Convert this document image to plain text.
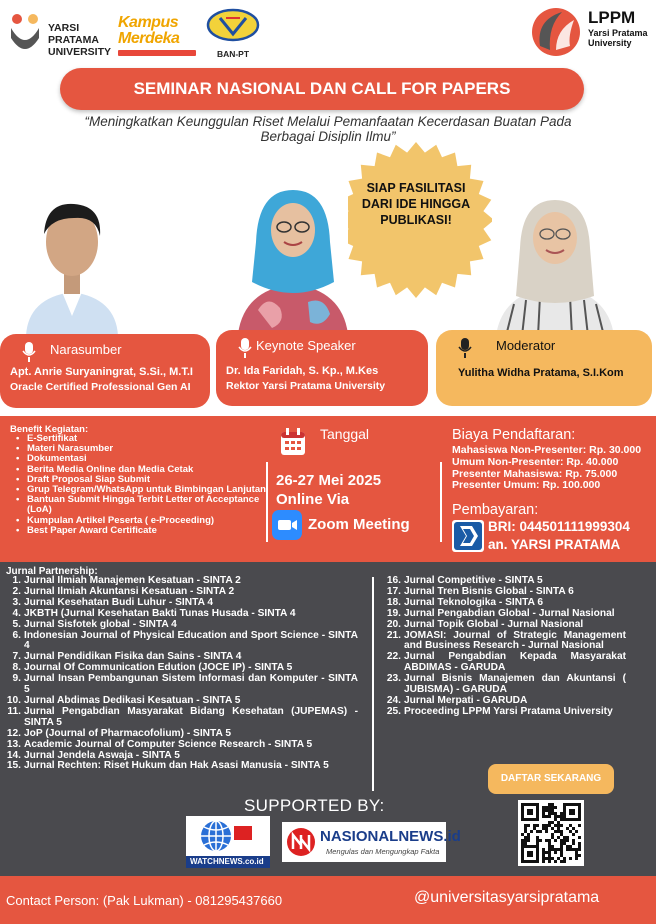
YARSI
PRATAMA
UNIVERSITY
Kampus
Merdeka
BAN-PT
LPPM
Yarsi Pratama
University
SEMINAR NASIONAL DAN CALL FOR PAPERS
“Meningkatkan Keunggulan Riset Melalui Pemanfaatan Kecerdasan Buatan Pada Berbagai Disiplin Ilmu”
SIAP FASILITASI DARI IDE HINGGA PUBLIKASI!
Narasumber
Apt. Anrie Suryaningrat, S.Si., M.T.I
Oracle Certified Professional Gen AI
Keynote Speaker
Dr. Ida Faridah, S. Kp., M.Kes
Rektor Yarsi Pratama University
Moderator
Yulitha Widha Pratama, S.I.Kom
Benefit Kegiatan:
• E-Sertifikat
• Materi Narasumber
• Dokumentasi
• Berita Media Online dan Media Cetak
• Draft Proposal Siap Submit
• Grup Telegram/WhatsApp untuk Bimbingan Lanjutan
• Bantuan Submit Hingga Terbit Letter of Acceptance (LoA)
• Kumpulan Artikel Peserta ( e-Proceeding)
• Best Paper Award Certificate
Tanggal
26-27 Mei 2025
Online Via
Zoom Meeting
Biaya Pendaftaran:
Mahasiswa Non-Presenter: Rp. 30.000
Umum Non-Presenter: Rp. 40.000
Presenter Mahasiswa: Rp. 75.000
Presenter Umum: Rp. 100.000
Pembayaran:
BRI: 044501111999304
an. YARSI PRATAMA
Jurnal Partnership:
1. Jurnal Ilmiah Manajemen Kesatuan - SINTA 2
2. Jurnal Ilmiah Akuntansi Kesatuan - SINTA 2
3. Jurnal Kesehatan Budi Luhur - SINTA 4
4. JKBTH (Jurnal Kesehatan Bakti Tunas Husada - SINTA 4
5. Jurnal Sisfotek global - SINTA 4
6. Indonesian Journal of Physical Education and Sport Science - SINTA 4
7. Jurnal Pendidikan Fisika dan Sains - SINTA 4
8. Journal Of Communication Edution (JOCE IP) - SINTA 5
9. Jurnal Insan Pembangunan Sistem Informasi dan Komputer - SINTA 5
10. Jurnal Abdimas Dedikasi Kesatuan - SINTA 5
11. Jurnal Pengabdian Masyarakat Bidang Kesehatan (JUPEMAS) - SINTA 5
12. JoP (Journal of Pharmacofolium) - SINTA 5
13. Academic Journal of Computer Science Research - SINTA 5
14. Jurnal Jendela Aswaja - SINTA 5
15. Jurnal Rechten: Riset Hukum dan Hak Asasi Manusia - SINTA 5
16. Jurnal Competitive - SINTA 5
17. Jurnal Tren Bisnis Global - SINTA 6
18. Jurnal Teknologika - SINTA 6
19. Jurnal Pengabdian Global - Jurnal Nasional
20. Jurnal Topik Global - Jurnal Nasional
21. JOMASI: Journal of Strategic Management and Business Research - Jurnal Nasional
22. Jurnal Pengabdian Kepada Masyarakat ABDIMAS - GARUDA
23. Jurnal Bisnis Manajemen dan Akuntansi ( JUBISMA) - GARUDA
24. Jurnal Merpati - GARUDA
25. Proceeding LPPM Yarsi Pratama University
DAFTAR SEKARANG
SUPPORTED BY:
WATCHNEWS.co.id
NASIONALNEWS.id
Mengulas dan Mengungkap Fakta
Contact Person: (Pak Lukman) - 081295437660	@universitasyarsipratama
